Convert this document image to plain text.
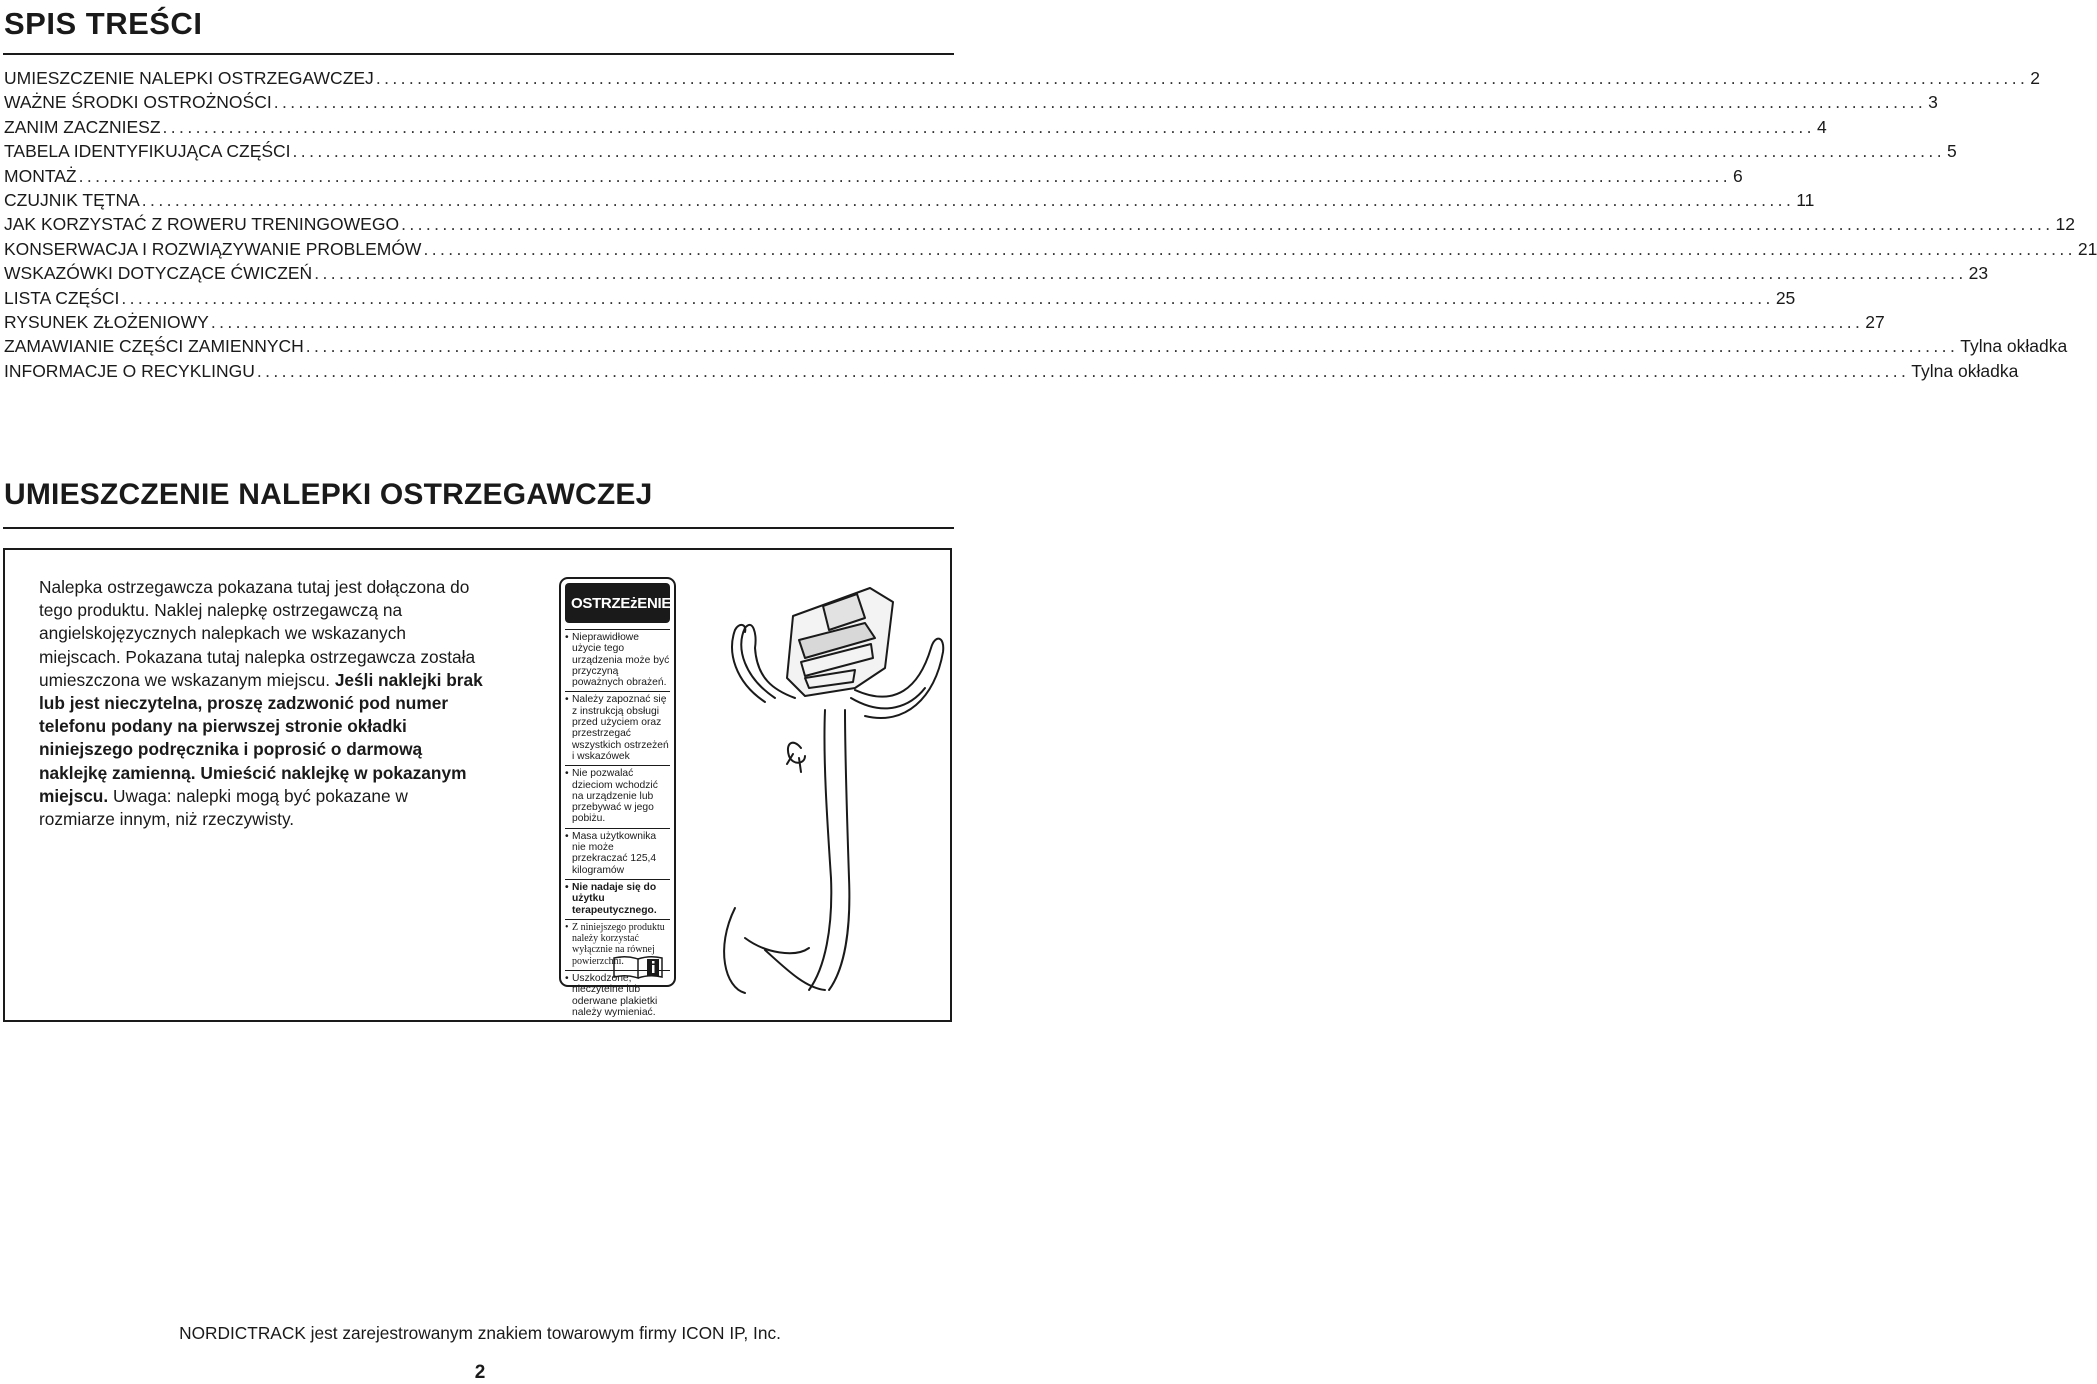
SPIS TREŚCI
UMIESZCZENIE NALEPKI OSTRZEGAWCZEJ ........................................................................................................................................................................................................ 2
WAŻNE ŚRODKI OSTROŻNOŚCI ........................................................................................................................................................................................................ 3
ZANIM ZACZNIESZ ........................................................................................................................................................................................................ 4
TABELA IDENTYFIKUJĄCA CZĘŚCI ........................................................................................................................................................................................................ 5
MONTAŻ ........................................................................................................................................................................................................ 6
CZUJNIK TĘTNA ........................................................................................................................................................................................................ 11
JAK KORZYSTAĆ Z ROWERU TRENINGOWEGO ........................................................................................................................................................................................................ 12
KONSERWACJA I ROZWIĄZYWANIE PROBLEMÓW ........................................................................................................................................................................................................ 21
WSKAZÓWKI DOTYCZĄCE ĆWICZEŃ ........................................................................................................................................................................................................ 23
LISTA CZĘŚCI ........................................................................................................................................................................................................ 25
RYSUNEK ZŁOŻENIOWY ........................................................................................................................................................................................................ 27
ZAMAWIANIE CZĘŚCI ZAMIENNYCH ........................................................................................................................................................................................................ Tylna okładka
INFORMACJE O RECYKLINGU ........................................................................................................................................................................................................ Tylna okładka
UMIESZCZENIE NALEPKI OSTRZEGAWCZEJ

Nalepka ostrzegawcza pokazana tutaj jest dołączona do tego produktu. Naklej nalepkę ostrzegawczą na angielskojęzycznych nalepkach we wskazanych miejscach. Pokazana tutaj nalepka ostrzegawcza została umieszczona we wskazanym miejscu. Jeśli naklejki brak lub jest nieczytelna, proszę zadzwonić pod numer telefonu podany na pierwszej stronie okładki niniejszego podręcznika i poprosić o darmową naklejkę zamienną. Umieścić naklejkę w pokazanym miejscu. Uwaga: nalepki mogą być pokazane w rozmiarze innym, niż rzeczywisty.

OSTRZEżENIE
• Nieprawidłowe użycie tego urządzenia może być przyczyną poważnych obrażeń.
• Należy zapoznać się z instrukcją obsługi przed użyciem oraz przestrzegać wszystkich ostrzeżeń i wskazówek
• Nie pozwalać dzieciom wchodzić na urządzenie lub przebywać w jego pobiżu.
• Masa użytkownika nie może przekraczać 125,4 kilogramów
• Nie nadaje się do użytku terapeutycznego.
• Z niniejszego produktu należy korzystać wyłącznie na równej powierzchni.
• Uszkodzone, nieczytelne lub oderwane plakietki należy wymieniać.
NORDICTRACK jest zarejestrowanym znakiem towarowym firmy ICON IP, Inc.
2
